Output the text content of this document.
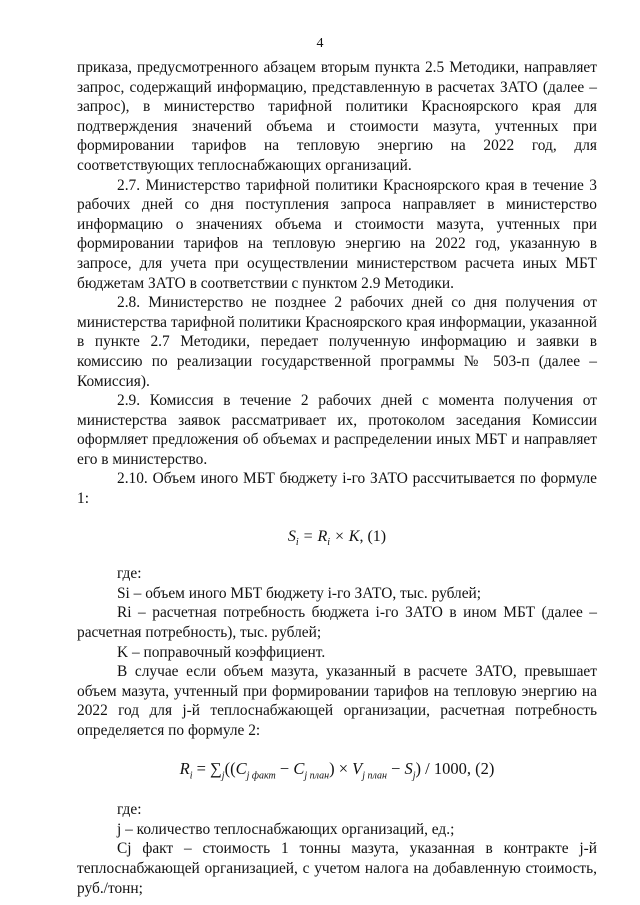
4

приказа, предусмотренного абзацем вторым пункта 2.5 Методики, направляет запрос, содержащий информацию, представленную в расчетах ЗАТО (далее – запрос), в министерство тарифной политики Красноярского края для подтверждения значений объема и стоимости мазута, учтенных при формировании тарифов на тепловую энергию на 2022 год, для соответствующих теплоснабжающих организаций.

2.7. Министерство тарифной политики Красноярского края в течение 3 рабочих дней со дня поступления запроса направляет в министерство информацию о значениях объема и стоимости мазута, учтенных при формировании тарифов на тепловую энергию на 2022 год, указанную в запросе, для учета при осуществлении министерством расчета иных МБТ бюджетам ЗАТО в соответствии с пунктом 2.9 Методики.

2.8. Министерство не позднее 2 рабочих дней со дня получения от министерства тарифной политики Красноярского края информации, указанной в пункте 2.7 Методики, передает полученную информацию и заявки в комиссию по реализации государственной программы № 503-п (далее – Комиссия).

2.9. Комиссия в течение 2 рабочих дней с момента получения от министерства заявок рассматривает их, протоколом заседания Комиссии оформляет предложения об объемах и распределении иных МБТ и направляет его в министерство.

2.10. Объем иного МБТ бюджету i-го ЗАТО рассчитывается по формуле 1:

$S_i = R_i \times K$, (1)

где:

Si – объем иного МБТ бюджету i-го ЗАТО, тыс. рублей;

Ri – расчетная потребность бюджета i-го ЗАТО в ином МБТ (далее – расчетная потребность), тыс. рублей;

K – поправочный коэффициент.

В случае если объем мазута, указанный в расчете ЗАТО, превышает объем мазута, учтенный при формировании тарифов на тепловую энергию на 2022 год для j-й теплоснабжающей организации, расчетная потребность определяется по формуле 2:

$R_i = \sum_j((C_{j факт} - C_{j план}) \times V_{j план} - S_j) / 1000$, (2)

где:

j – количество теплоснабжающих организаций, ед.;

Cj факт – стоимость 1 тонны мазута, указанная в контракте j-й теплоснабжающей организацией, с учетом налога на добавленную стоимость, руб./тонн;
